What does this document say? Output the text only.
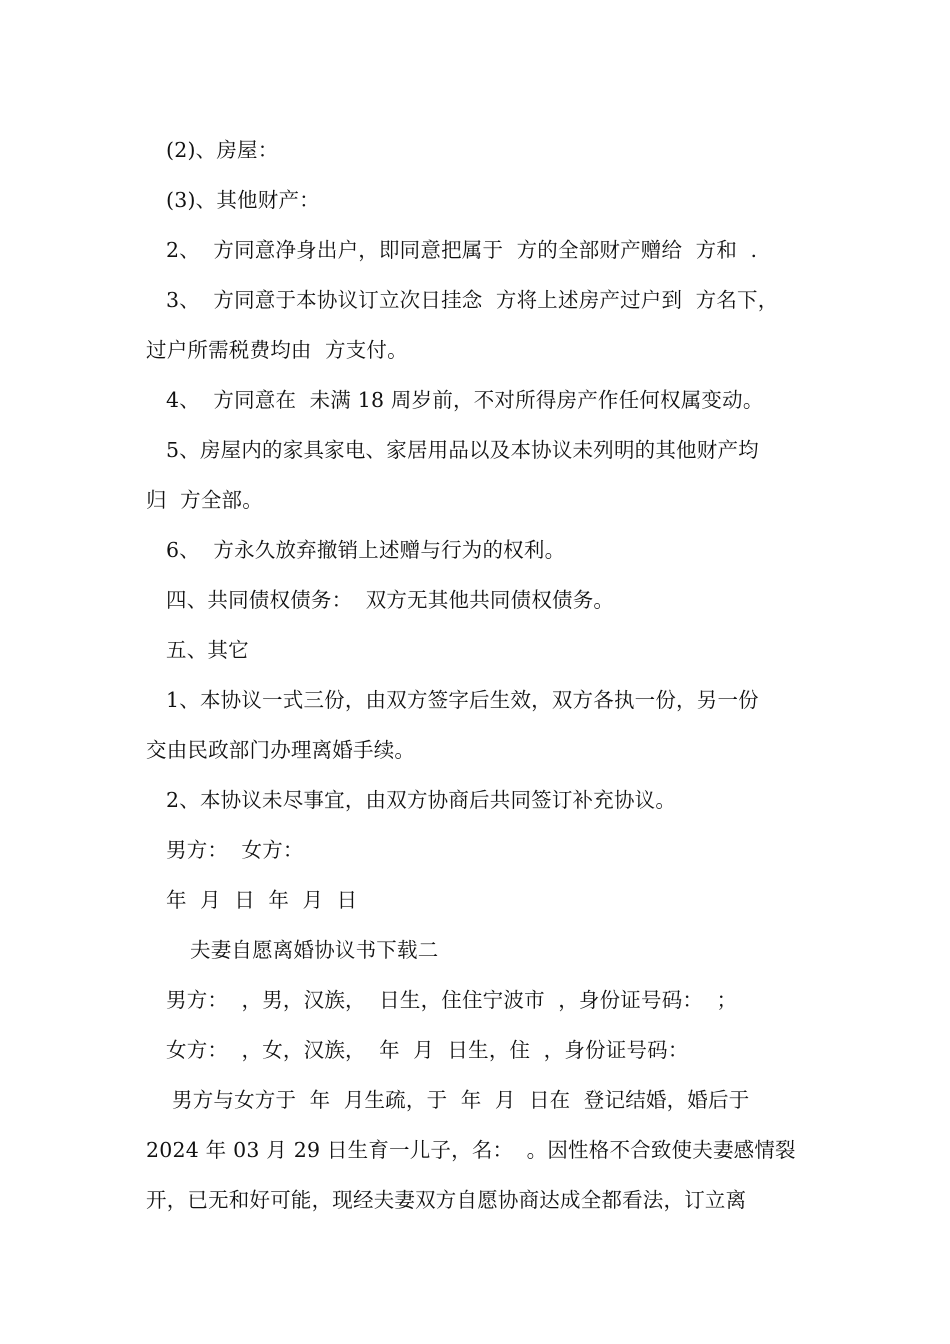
(2)、房屋：
(3)、其他财产：
2、  方同意净身出户，即同意把属于  方的全部财产赠给  方和  .
3、  方同意于本协议订立次日挂念  方将上述房产过户到  方名下，
过户所需税费均由  方支付。
4、  方同意在  未满 18 周岁前，不对所得房产作任何权属变动。
5、房屋内的家具家电、家居用品以及本协议未列明的其他财产均
归  方全部。
6、  方永久放弃撤销上述赠与行为的权利。
四、共同债权债务：  双方无其他共同债权债务。
五、其它
1、本协议一式三份，由双方签字后生效，双方各执一份，另一份
交由民政部门办理离婚手续。
2、本协议未尽事宜，由双方协商后共同签订补充协议。
男方：  女方：
年  月  日  年  月  日
夫妻自愿离婚协议书下载二
男方：  ，男，汉族，  日生，住住宁波市  ，身份证号码：  ；
女方：  ，女，汉族，  年  月  日生，住  ，身份证号码：
男方与女方于  年  月生疏，于  年  月  日在  登记结婚，婚后于
2024 年 03 月 29 日生育一儿子，名：  。因性格不合致使夫妻感情裂
开，已无和好可能，现经夫妻双方自愿协商达成全都看法，订立离
